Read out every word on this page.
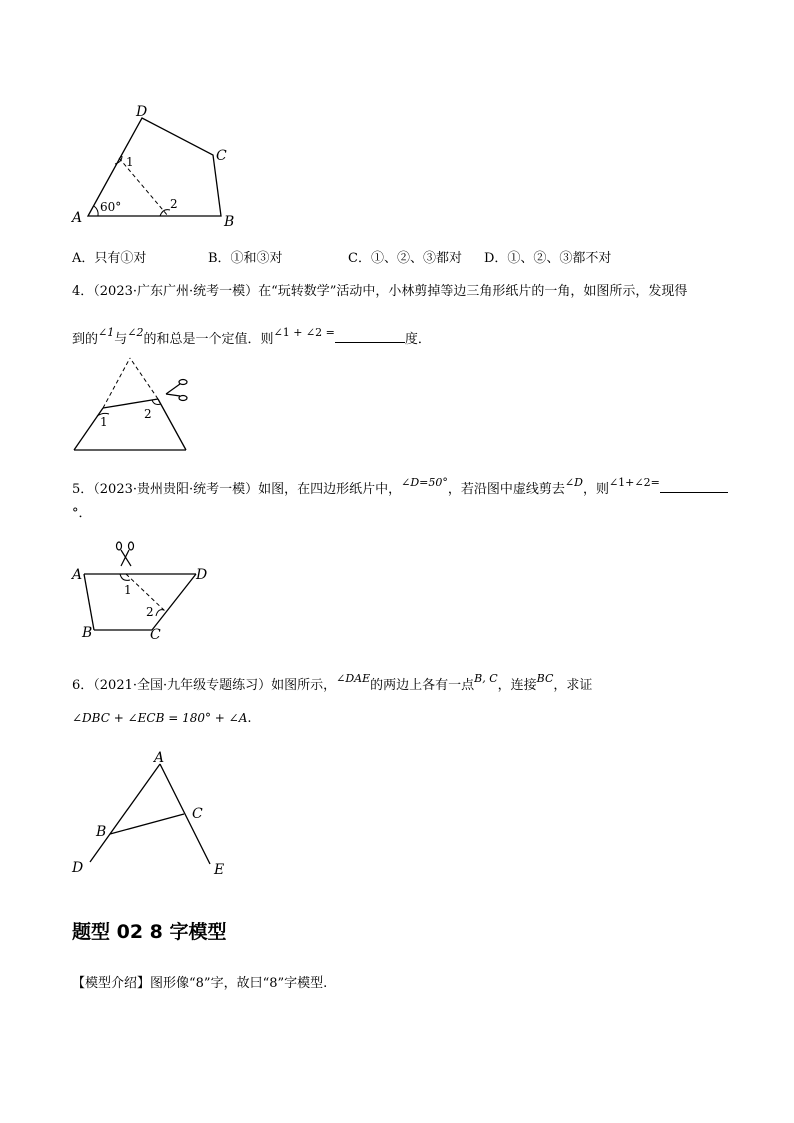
D
C
A	B
1
2
60°
A．只有①对	B．①和③对	C．①、②、③都对 D．①、②、③都不对
4．（2023·广东广州·统考一模）在“玩转数学”活动中，小林剪掉等边三角形纸片的一角，如图所示，发现得
到的$^{\angle 1}$与$^{\angle 2}$的和总是一个定值．则$^{\angle 1 + \angle 2 =}$	度．
1
2
5．（2023·贵州贵阳·统考一模）如图，在四边形纸片中，$^{\angle D=50^\circ}$，若沿图中虚线剪去$^{\angle D}$，则$^{\angle 1+\angle 2=}$
°．
A	D
B	C
1
2
6．（2021·全国·九年级专题练习）如图所示，$^{\angle DAE}$的两边上各有一点$^{B, C}$，连接$^{BC}$，求证
∠DBC + ∠ECB = 180° + ∠A.
A
B
C
D	E
题型 02 8 字模型
【模型介绍】图形像“8”字，故曰“8”字模型.
